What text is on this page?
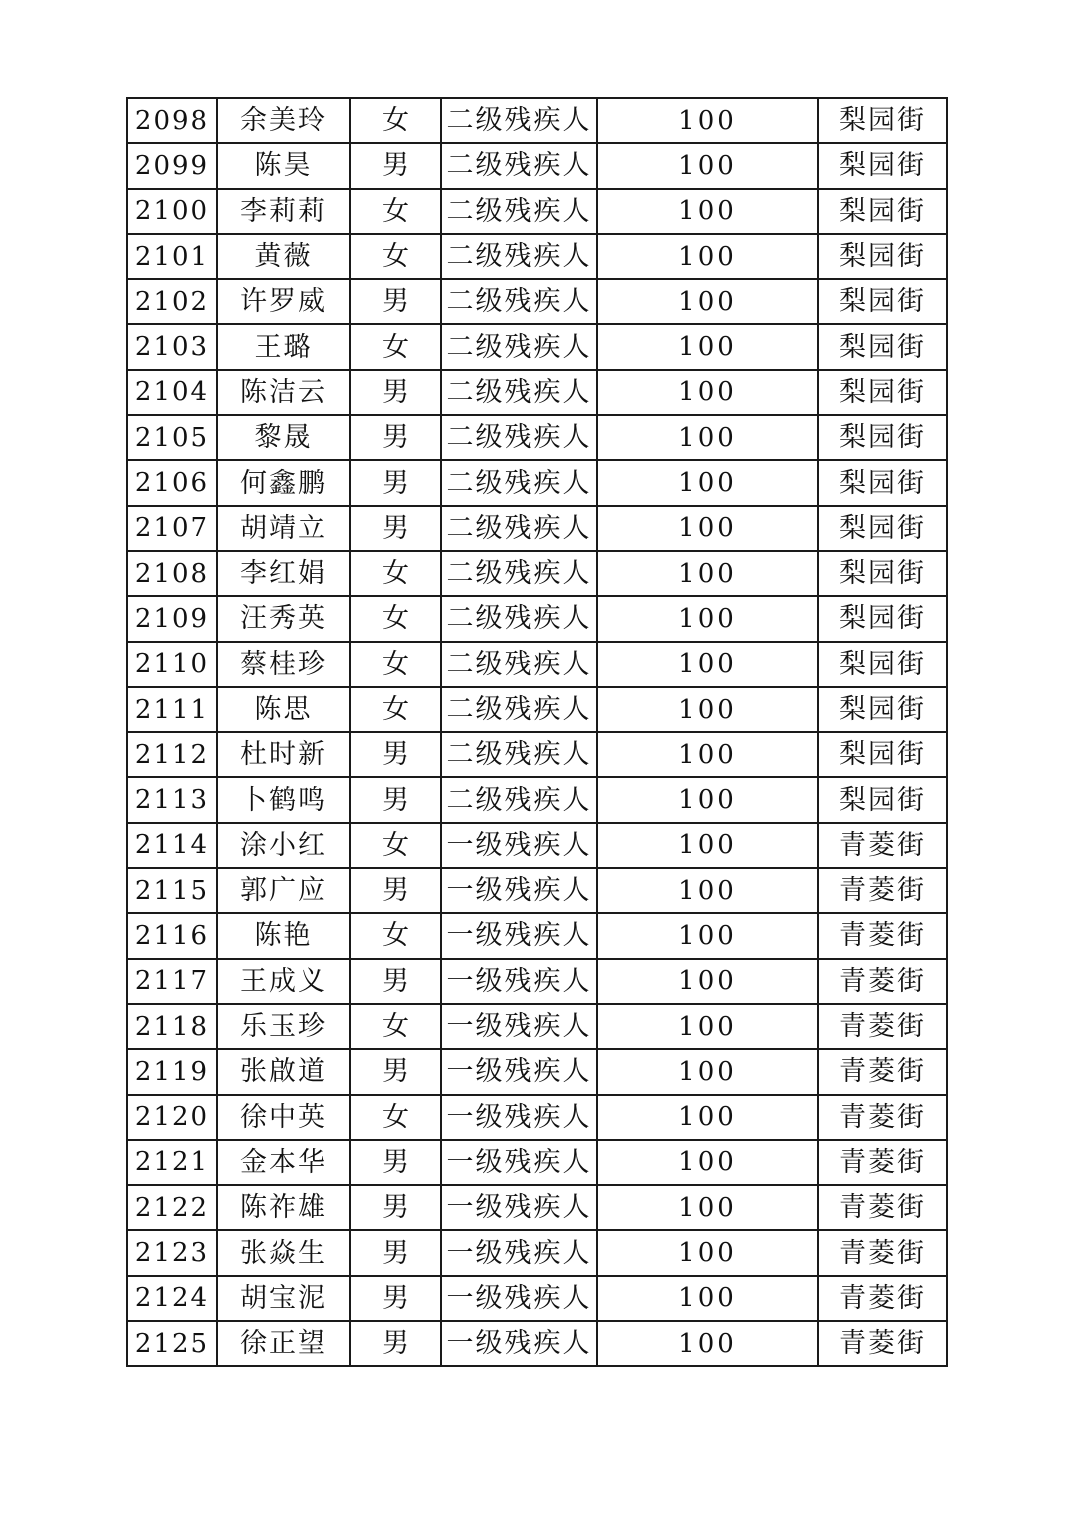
2098	余美玲	女	二级残疾人	100	梨园街
2099	陈昊	男	二级残疾人	100	梨园街
2100	李莉莉	女	二级残疾人	100	梨园街
2101	黄薇	女	二级残疾人	100	梨园街
2102	许罗威	男	二级残疾人	100	梨园街
2103	王璐	女	二级残疾人	100	梨园街
2104	陈洁云	男	二级残疾人	100	梨园街
2105	黎晟	男	二级残疾人	100	梨园街
2106	何鑫鹏	男	二级残疾人	100	梨园街
2107	胡靖立	男	二级残疾人	100	梨园街
2108	李红娟	女	二级残疾人	100	梨园街
2109	汪秀英	女	二级残疾人	100	梨园街
2110	蔡桂珍	女	二级残疾人	100	梨园街
2111	陈思	女	二级残疾人	100	梨园街
2112	杜时新	男	二级残疾人	100	梨园街
2113	卜鹤鸣	男	二级残疾人	100	梨园街
2114	涂小红	女	一级残疾人	100	青菱街
2115	郭广应	男	一级残疾人	100	青菱街
2116	陈艳	女	一级残疾人	100	青菱街
2117	王成义	男	一级残疾人	100	青菱街
2118	乐玉珍	女	一级残疾人	100	青菱街
2119	张啟道	男	一级残疾人	100	青菱街
2120	徐中英	女	一级残疾人	100	青菱街
2121	金本华	男	一级残疾人	100	青菱街
2122	陈祚雄	男	一级残疾人	100	青菱街
2123	张焱生	男	一级残疾人	100	青菱街
2124	胡宝泥	男	一级残疾人	100	青菱街
2125	徐正望	男	一级残疾人	100	青菱街
